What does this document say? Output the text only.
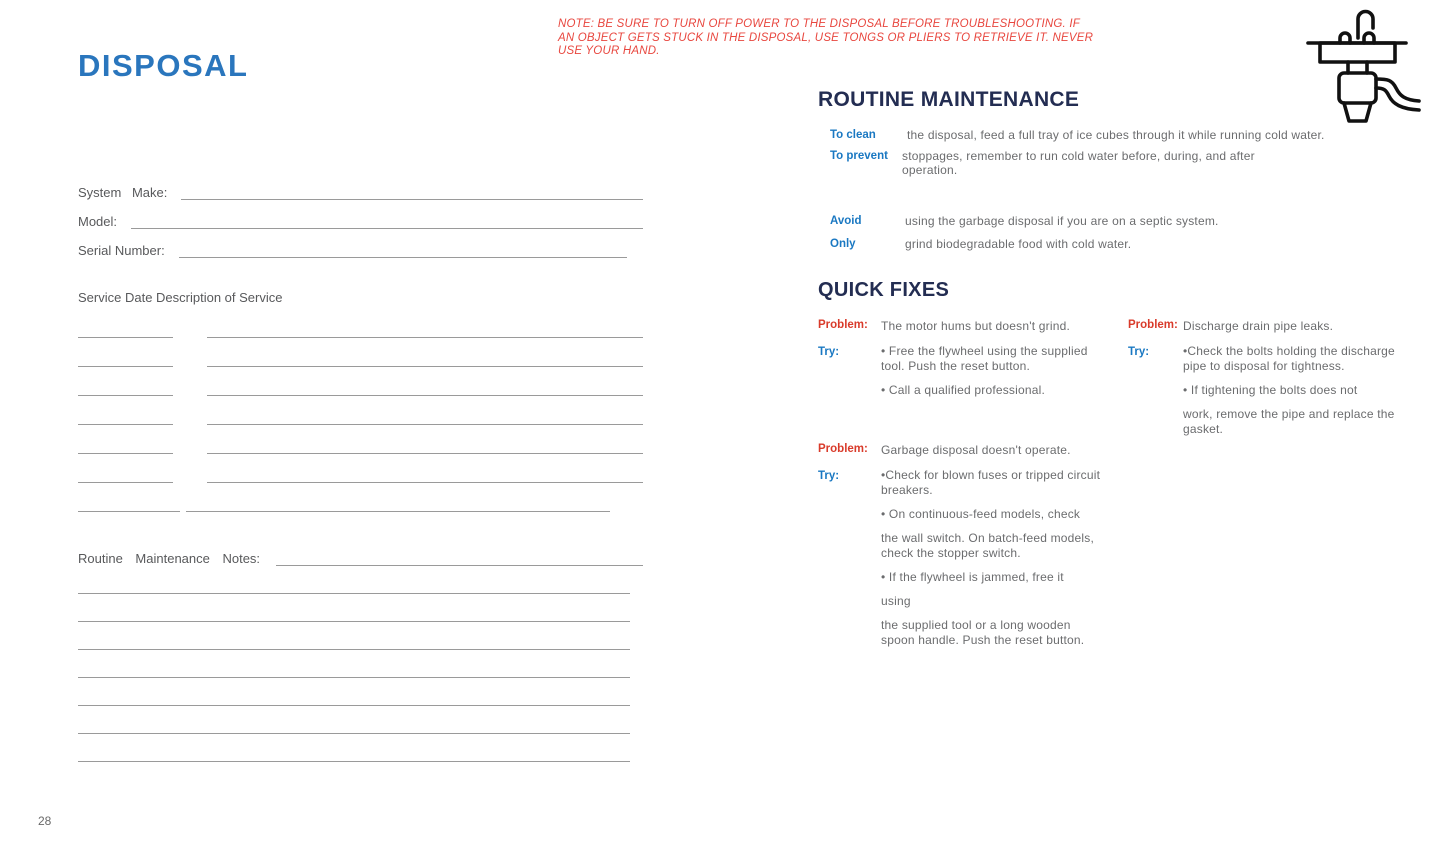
DISPOSAL
NOTE: BE SURE TO TURN OFF POWER TO THE DISPOSAL BEFORE TROUBLESHOOTING. IF AN OBJECT GETS STUCK IN THE DISPOSAL, USE TONGS OR PLIERS TO RETRIEVE IT. NEVER USE YOUR HAND.
System Make:
Model:
Serial Number:
Service Date Description of Service
Routine Maintenance Notes:
ROUTINE MAINTENANCE
To clean	the disposal, feed a full tray of ice cubes through it while running cold water.
To prevent	stoppages, remember to run cold water before, during, and after operation.
Avoid	using the garbage disposal if you are on a septic system.
Only	grind biodegradable food with cold water.
QUICK FIXES
Problem:	The motor hums but doesn't grind.
Try:	• Free the flywheel using the supplied tool. Push the reset button.

• Call a qualified professional.

Problem:	Garbage disposal doesn't operate.
Try:	•Check for blown fuses or tripped circuit breakers.

• On continuous-feed models, check

the wall switch. On batch-feed models, check the stopper switch.

• If the flywheel is jammed, free it

using

the supplied tool or a long wooden spoon handle. Push the reset button.

Problem: Discharge drain pipe leaks.
Try:	•Check the bolts holding the discharge pipe to disposal for tightness.

• If tightening the bolts does not

work, remove the pipe and replace the gasket.

28
